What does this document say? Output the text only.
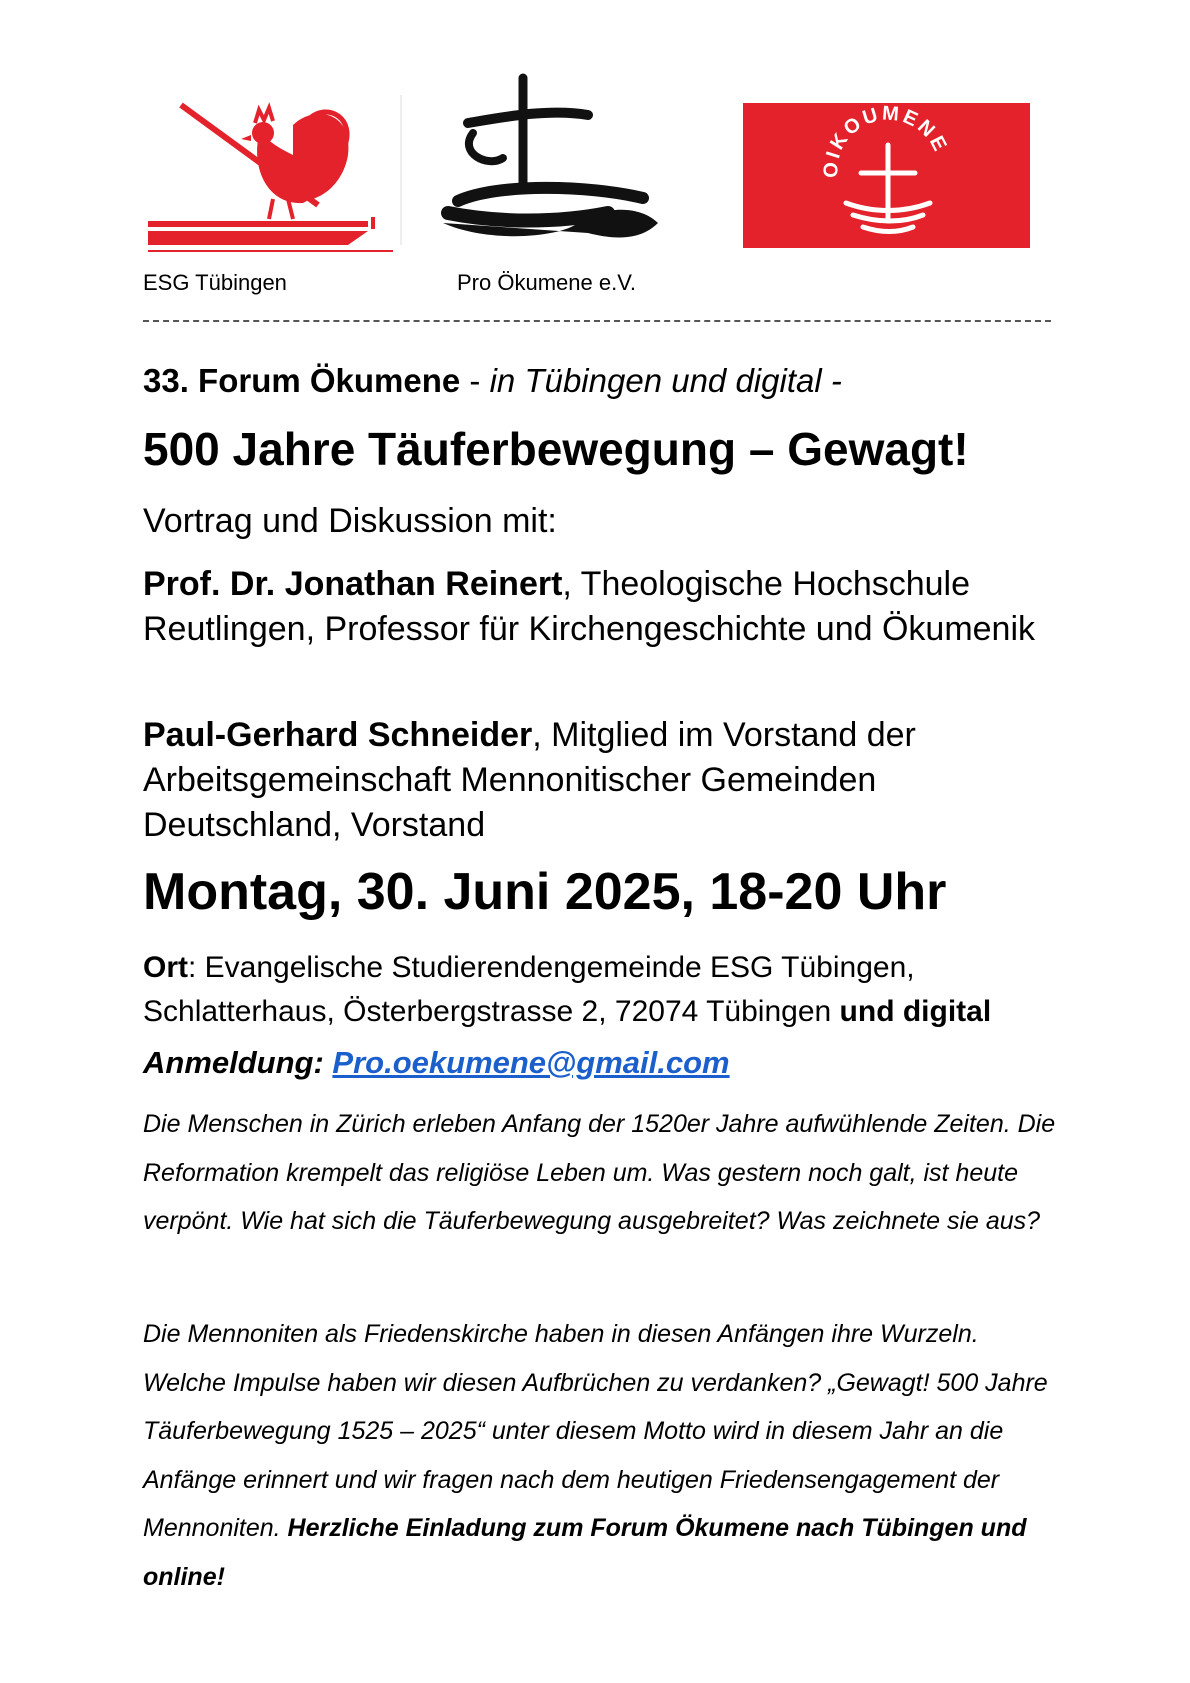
OIKOUMENE
ESG Tübingen	Pro Ökumene e.V.

33. Forum Ökumene - in Tübingen und digital -

500 Jahre Täuferbewegung – Gewagt!

Vortrag und Diskussion mit:

Prof. Dr. Jonathan Reinert, Theologische Hochschule Reutlingen, Professor für Kirchengeschichte und Ökumenik

Paul-Gerhard Schneider, Mitglied im Vorstand der Arbeitsgemeinschaft Mennonitischer Gemeinden Deutschland, Vorstand

Montag, 30. Juni 2025, 18-20 Uhr

Ort: Evangelische Studierendengemeinde ESG Tübingen, Schlatterhaus, Österbergstrasse 2, 72074 Tübingen und digital

Anmeldung: Pro.oekumene@gmail.com

Die Menschen in Zürich erleben Anfang der 1520er Jahre aufwühlende Zeiten. Die Reformation krempelt das religiöse Leben um. Was gestern noch galt, ist heute verpönt. Wie hat sich die Täuferbewegung ausgebreitet? Was zeichnete sie aus?

Die Mennoniten als Friedenskirche haben in diesen Anfängen ihre Wurzeln. Welche Impulse haben wir diesen Aufbrüchen zu verdanken? „Gewagt! 500 Jahre Täuferbewegung 1525 – 2025“ unter diesem Motto wird in diesem Jahr an die Anfänge erinnert und wir fragen nach dem heutigen Friedensengagement der Mennoniten. Herzliche Einladung zum Forum Ökumene nach Tübingen und online!
